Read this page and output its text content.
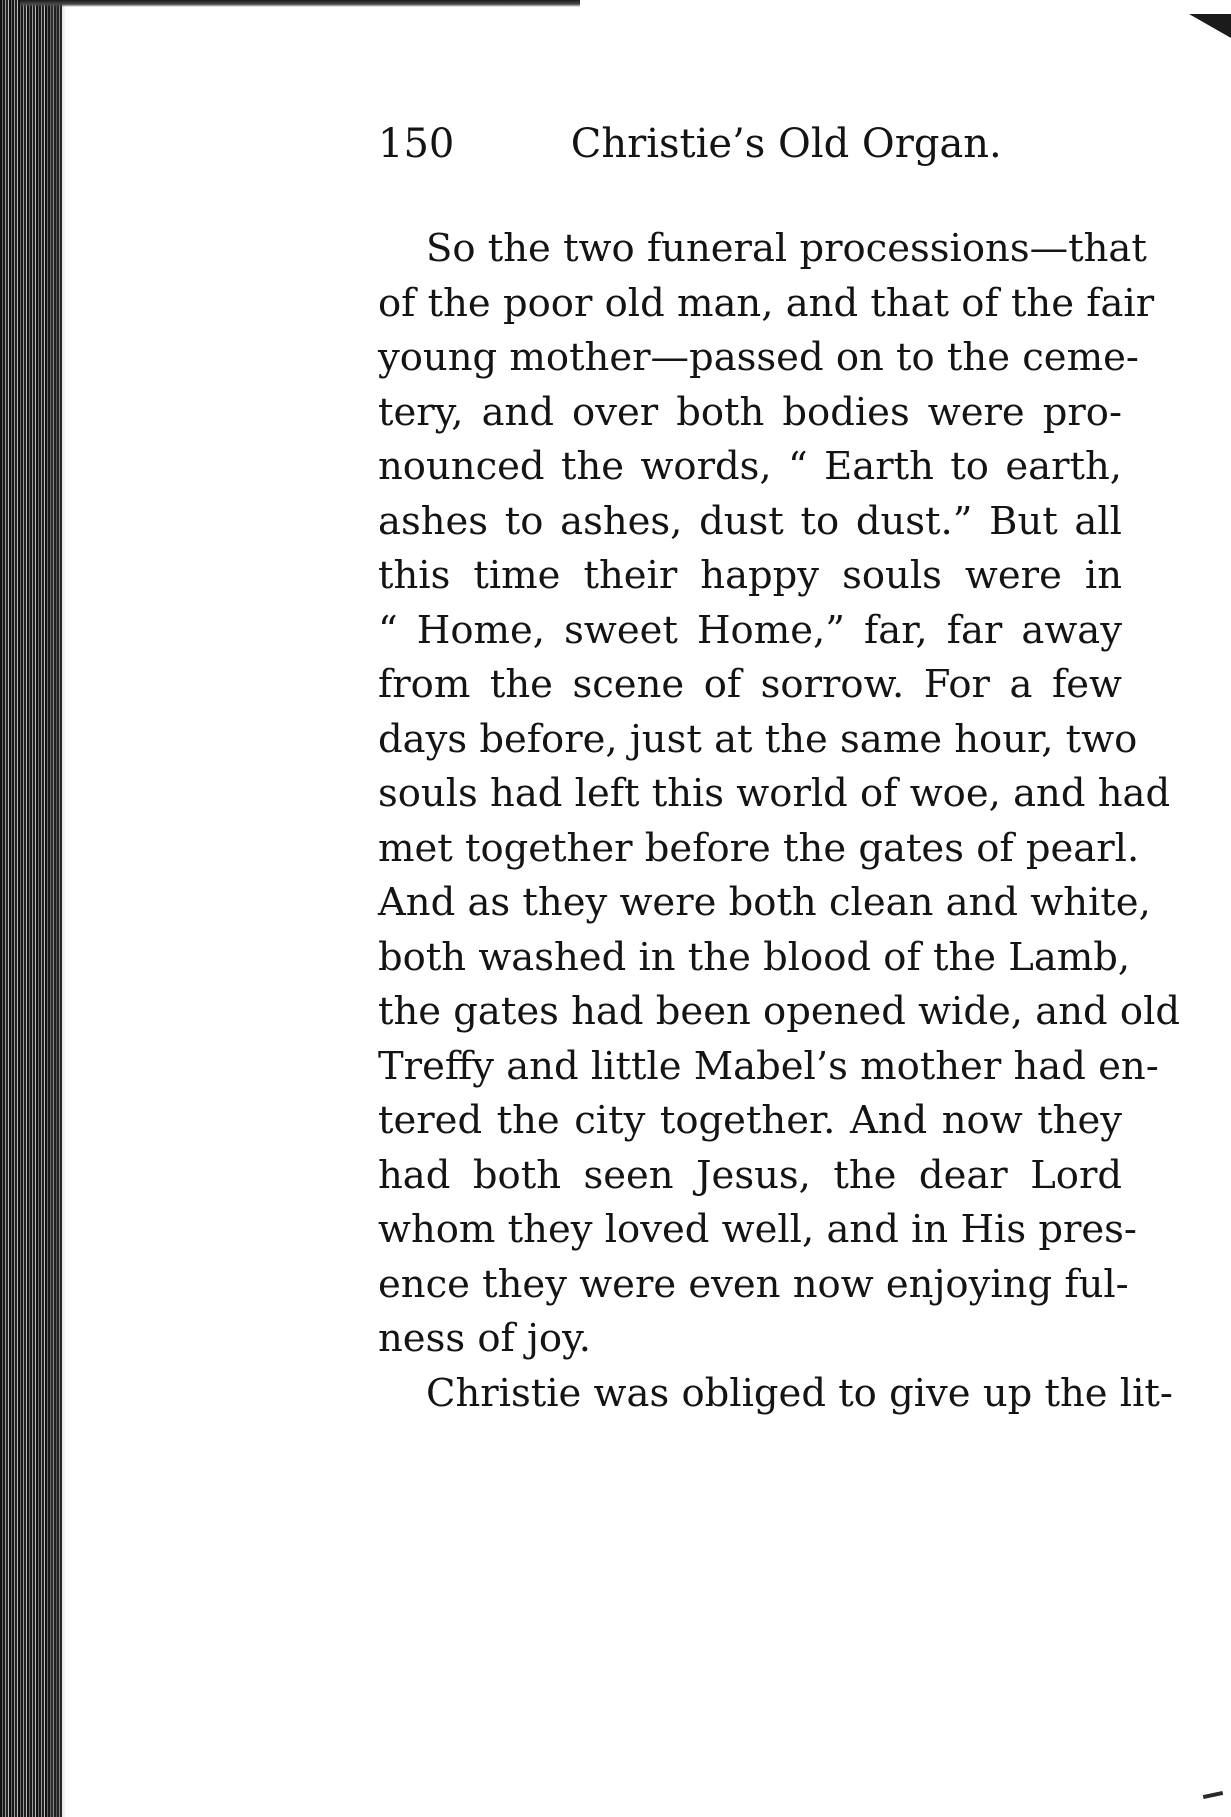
150	Christie’s Old Organ.
So the two funeral processions—that
of the poor old man, and that of the fair
young mother—passed on to the ceme-
tery, and over both bodies were pro-
nounced the words, “ Earth to earth,
ashes to ashes, dust to dust.” But all
this time their happy souls were in
“ Home, sweet Home,” far, far away
from the scene of sorrow. For a few
days before, just at the same hour, two
souls had left this world of woe, and had
met together before the gates of pearl.
And as they were both clean and white,
both washed in the blood of the Lamb,
the gates had been opened wide, and old
Treffy and little Mabel’s mother had en-
tered the city together. And now they
had both seen Jesus, the dear Lord
whom they loved well, and in His pres-
ence they were even now enjoying ful-
ness of joy.
Christie was obliged to give up the lit-
